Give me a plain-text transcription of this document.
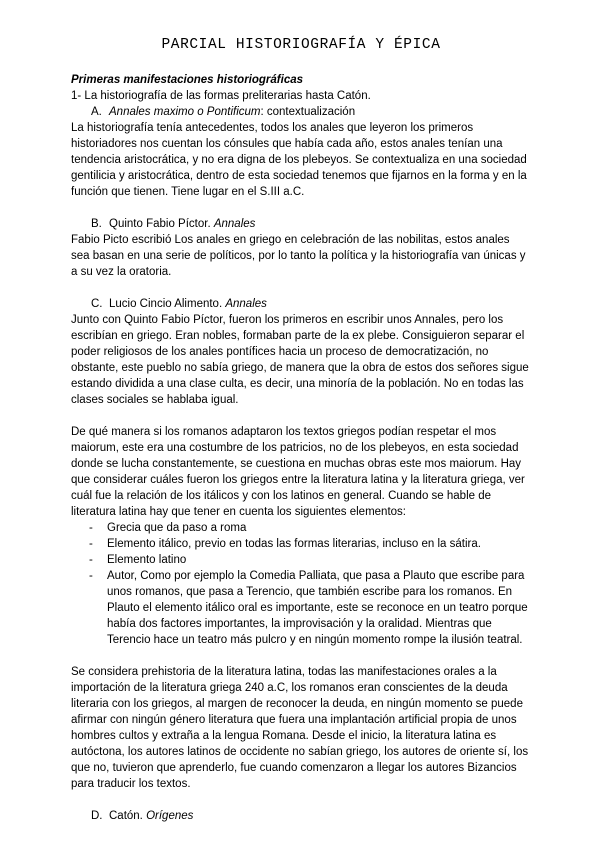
PARCIAL HISTORIOGRAFÍA Y ÉPICA

Primeras manifestaciones historiográficas

1- La historiografía de las formas preliterarias hasta Catón.

A. Annales maximo o Pontificum: contextualización

La historiografía tenía antecedentes, todos los anales que leyeron los primeros historiadores nos cuentan los cónsules que había cada año, estos anales tenían una tendencia aristocrática, y no era digna de los plebeyos. Se contextualiza en una sociedad gentilicia y aristocrática, dentro de esta sociedad tenemos que fijarnos en la forma y en la función que tienen. Tiene lugar en el S.III a.C.

B. Quinto Fabio Píctor. Annales

Fabio Picto escribió Los anales en griego en celebración de las nobilitas, estos anales sea basan en una serie de políticos, por lo tanto la política y la historiografía van únicas y a su vez la oratoria.

C. Lucio Cincio Alimento. Annales

Junto con Quinto Fabio Píctor, fueron los primeros en escribir unos Annales, pero los escribían en griego. Eran nobles, formaban parte de la ex plebe. Consiguieron separar el poder religiosos de los anales pontífices hacia un proceso de democratización, no obstante, este pueblo no sabía griego, de manera que la obra de estos dos señores sigue estando dividida a una clase culta, es decir, una minoría de la población. No en todas las clases sociales se hablaba igual.

De qué manera si los romanos adaptaron los textos griegos podían respetar el mos maiorum, este era una costumbre de los patricios, no de los plebeyos, en esta sociedad donde se lucha constantemente, se cuestiona en muchas obras este mos maiorum. Hay que considerar cuáles fueron los griegos entre la literatura latina y la literatura griega, ver cuál fue la relación de los itálicos y con los latinos en general. Cuando se hable de literatura latina hay que tener en cuenta los siguientes elementos:

- Grecia que da paso a roma
- Elemento itálico, previo en todas las formas literarias, incluso en la sátira.
- Elemento latino
- Autor, Como por ejemplo la Comedia Palliata, que pasa a Plauto que escribe para unos romanos, que pasa a Terencio, que también escribe para los romanos. En Plauto el elemento itálico oral es importante, este se reconoce en un teatro porque había dos factores importantes, la improvisación y la oralidad. Mientras que Terencio hace un teatro más pulcro y en ningún momento rompe la ilusión teatral.

Se considera prehistoria de la literatura latina, todas las manifestaciones orales a la importación de la literatura griega 240 a.C, los romanos eran conscientes de la deuda literaria con los griegos, al margen de reconocer la deuda, en ningún momento se puede afirmar con ningún género literatura que fuera una implantación artificial propia de unos hombres cultos y extraña a la lengua Romana. Desde el inicio, la literatura latina es autóctona, los autores latinos de occidente no sabían griego, los autores de oriente sí, los que no, tuvieron que aprenderlo, fue cuando comenzaron a llegar los autores Bizancios para traducir los textos.

D. Catón. Orígenes
